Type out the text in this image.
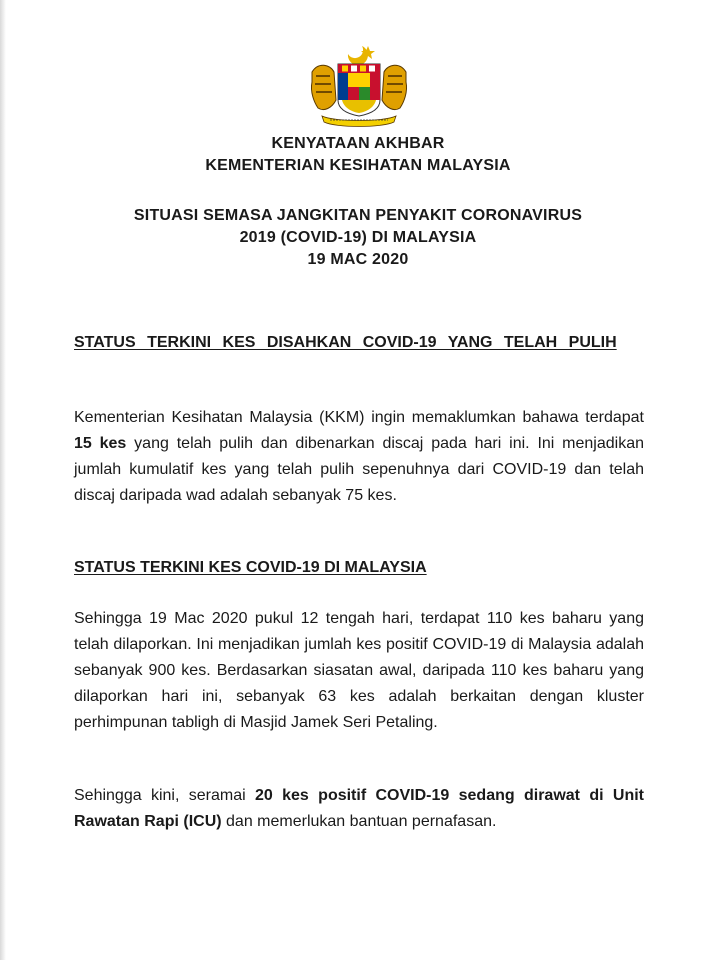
KENYATAAN AKHBAR
KEMENTERIAN KESIHATAN MALAYSIA
SITUASI SEMASA JANGKITAN PENYAKIT CORONAVIRUS
2019 (COVID-19) DI MALAYSIA
19 MAC 2020

STATUS TERKINI KES DISAHKAN COVID-19 YANG TELAH PULIH

Kementerian Kesihatan Malaysia (KKM) ingin memaklumkan bahawa terdapat 15 kes yang telah pulih dan dibenarkan discaj pada hari ini. Ini menjadikan jumlah kumulatif kes yang telah pulih sepenuhnya dari COVID-19 dan telah discaj daripada wad adalah sebanyak 75 kes.

STATUS TERKINI KES COVID-19 DI MALAYSIA

Sehingga 19 Mac 2020 pukul 12 tengah hari, terdapat 110 kes baharu yang telah dilaporkan. Ini menjadikan jumlah kes positif COVID-19 di Malaysia adalah sebanyak 900 kes. Berdasarkan siasatan awal, daripada 110 kes baharu yang dilaporkan hari ini, sebanyak 63 kes adalah berkaitan dengan kluster perhimpunan tabligh di Masjid Jamek Seri Petaling.

Sehingga kini, seramai 20 kes positif COVID-19 sedang dirawat di Unit Rawatan Rapi (ICU) dan memerlukan bantuan pernafasan.
